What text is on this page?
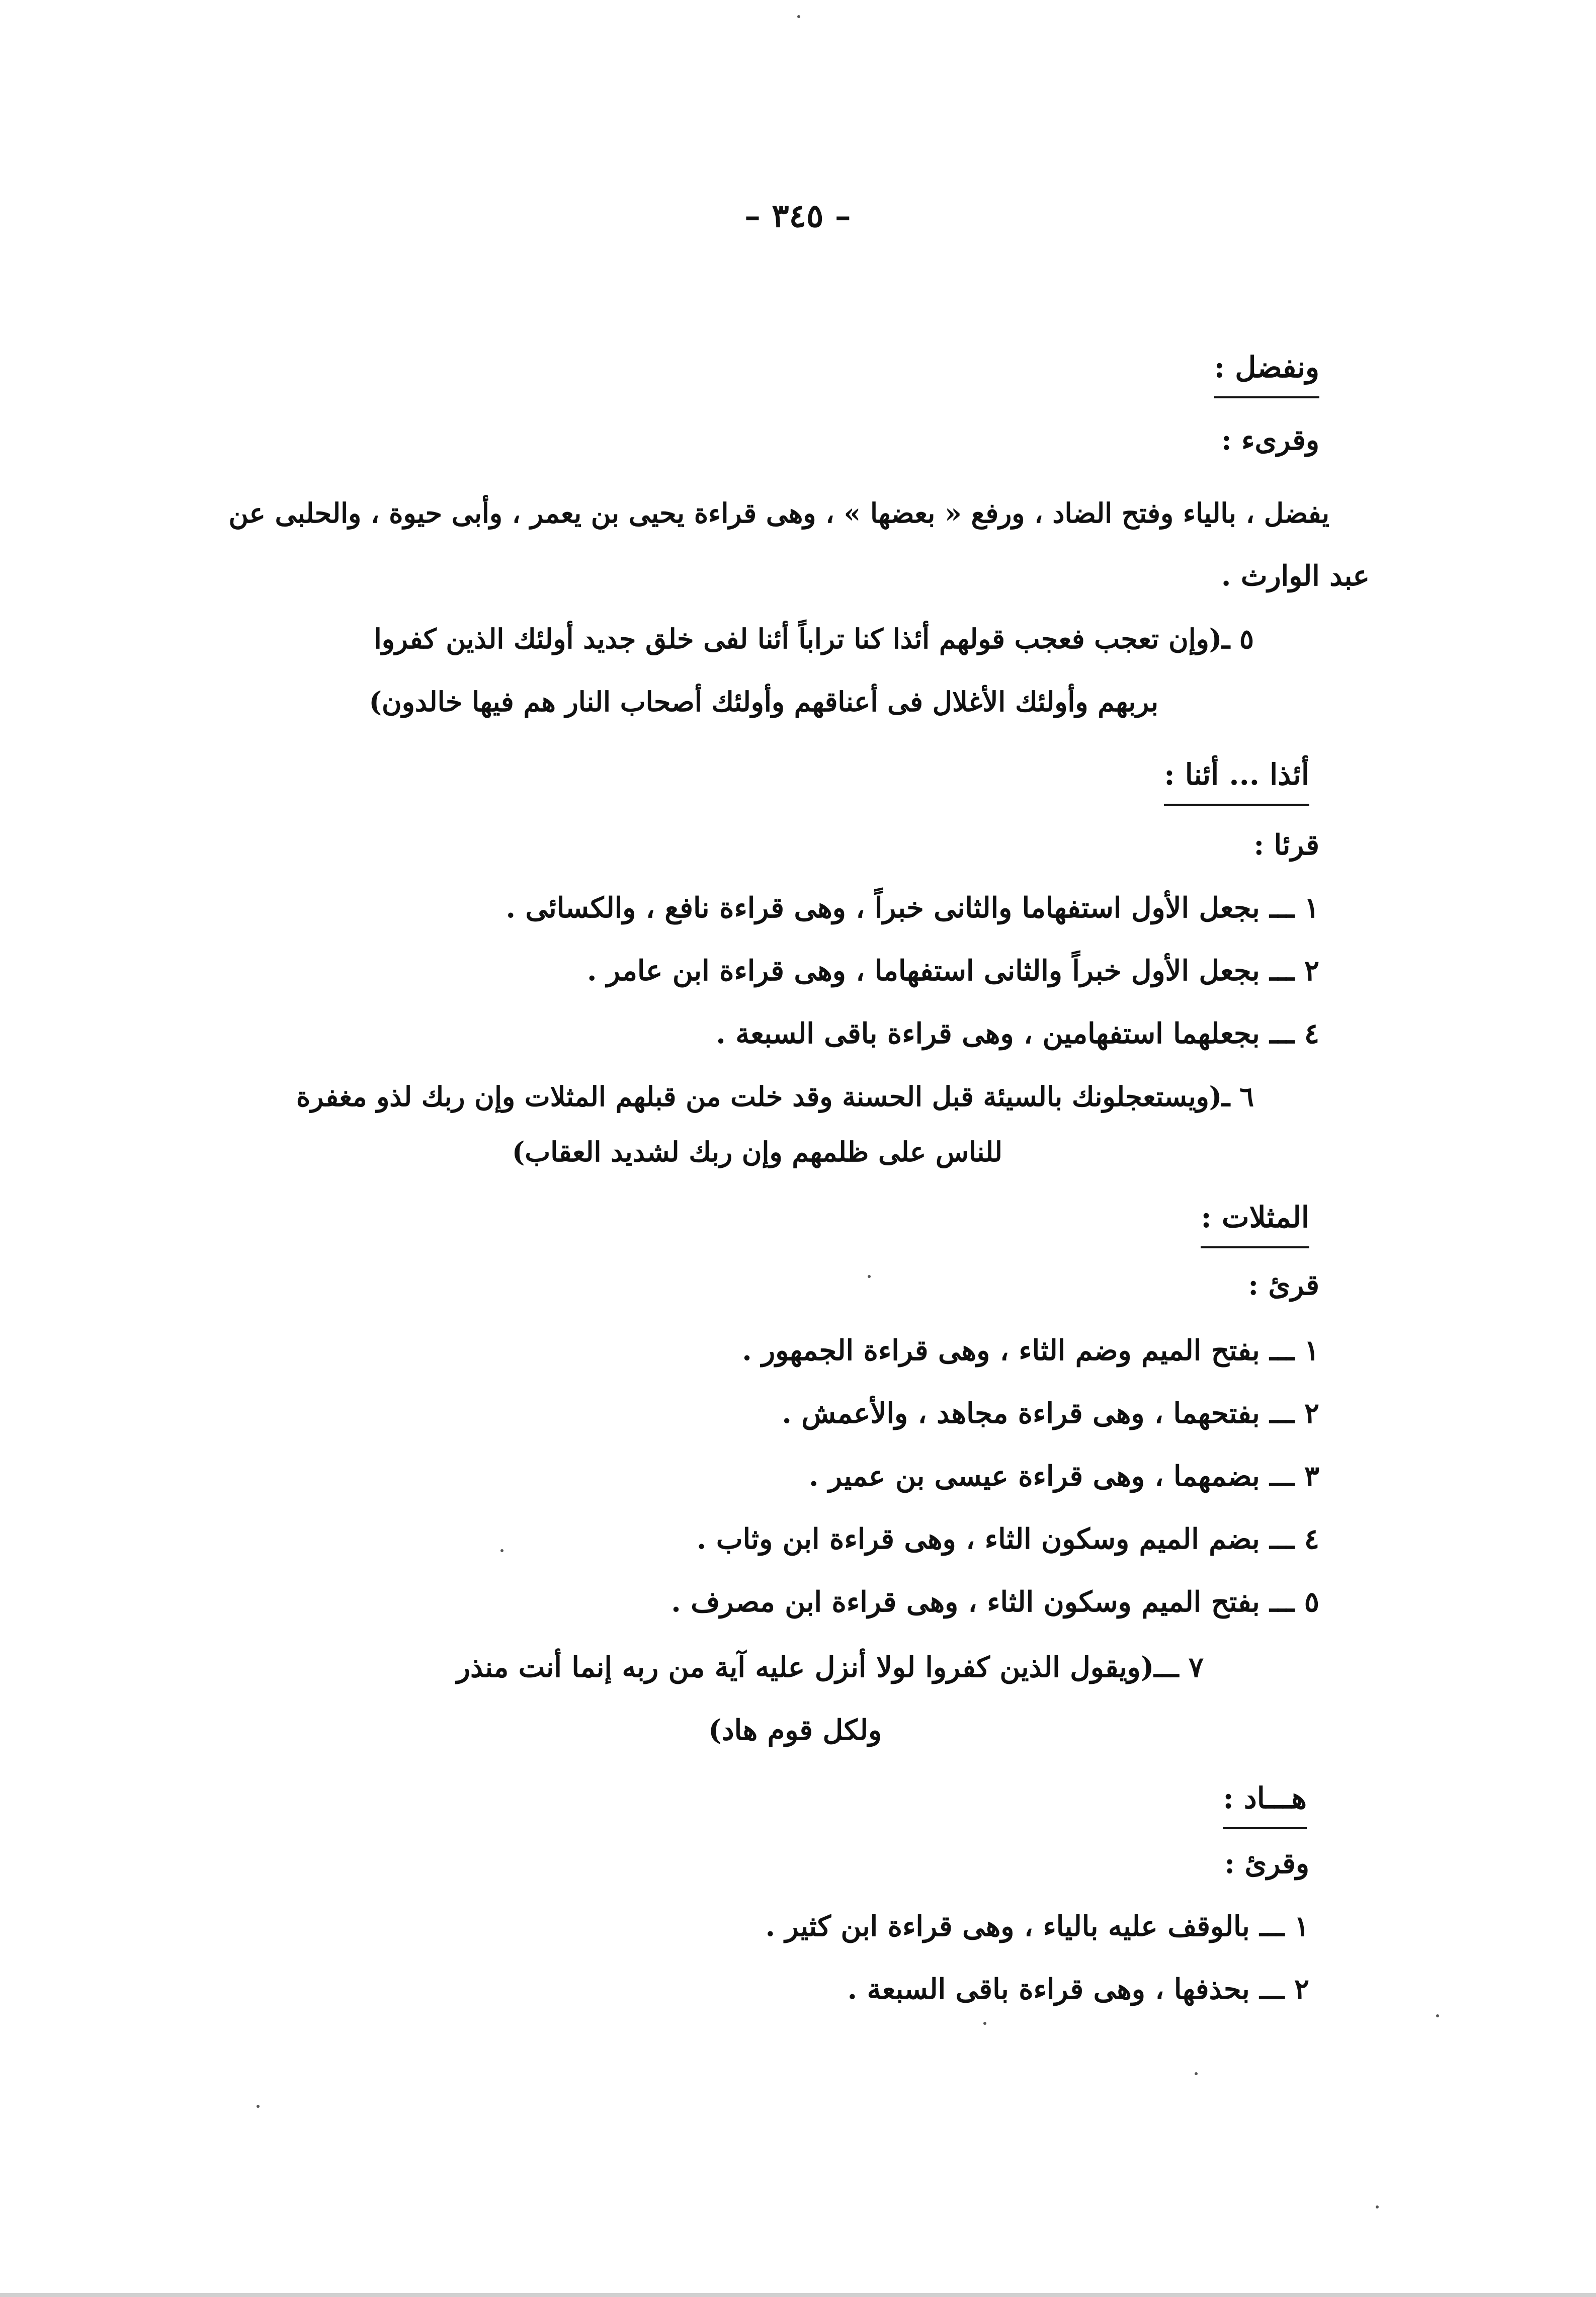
– ٣٤٥ –
ونفضل :
وقرىء :
يفضل ، بالياء وفتح الضاد ، ورفع « بعضها » ، وهى قراءة يحيى بن يعمر ، وأبى حيوة ، والحلبى عن
عبد الوارث .
٥ ـ(وإن تعجب فعجب قولهم أئذا كنا تراباً أئنا لفى خلق جديد أولئك الذين كفروا
بربهم وأولئك الأغلال فى أعناقهم وأولئك أصحاب النار هم فيها خالدون)
أئذا ... أئنا :
قرئا :
١ ـــ بجعل الأول استفهاما والثانى خبراً ، وهى قراءة نافع ، والكسائى .
٢ ـــ بجعل الأول خبراً والثانى استفهاما ، وهى قراءة ابن عامر .
٤ ـــ بجعلهما استفهامين ، وهى قراءة باقى السبعة .
٦ ـ(ويستعجلونك بالسيئة قبل الحسنة وقد خلت من قبلهم المثلات وإن ربك لذو مغفرة
للناس على ظلمهم وإن ربك لشديد العقاب)
المثلات :
قرئ :
١ ـــ بفتح الميم وضم الثاء ، وهى قراءة الجمهور .
٢ ـــ بفتحهما ، وهى قراءة مجاهد ، والأعمش .
٣ ـــ بضمهما ، وهى قراءة عيسى بن عمير .
٤ ـــ بضم الميم وسكون الثاء ، وهى قراءة ابن وثاب .
٥ ـــ بفتح الميم وسكون الثاء ، وهى قراءة ابن مصرف .
٧ ـــ(ويقول الذين كفروا لولا أنزل عليه آية من ربه إنما أنت منذر
ولكل قوم هاد)
هـــاد :
وقرئ :
١ ـــ بالوقف عليه بالياء ، وهى قراءة ابن كثير .
٢ ـــ بحذفها ، وهى قراءة باقى السبعة .
